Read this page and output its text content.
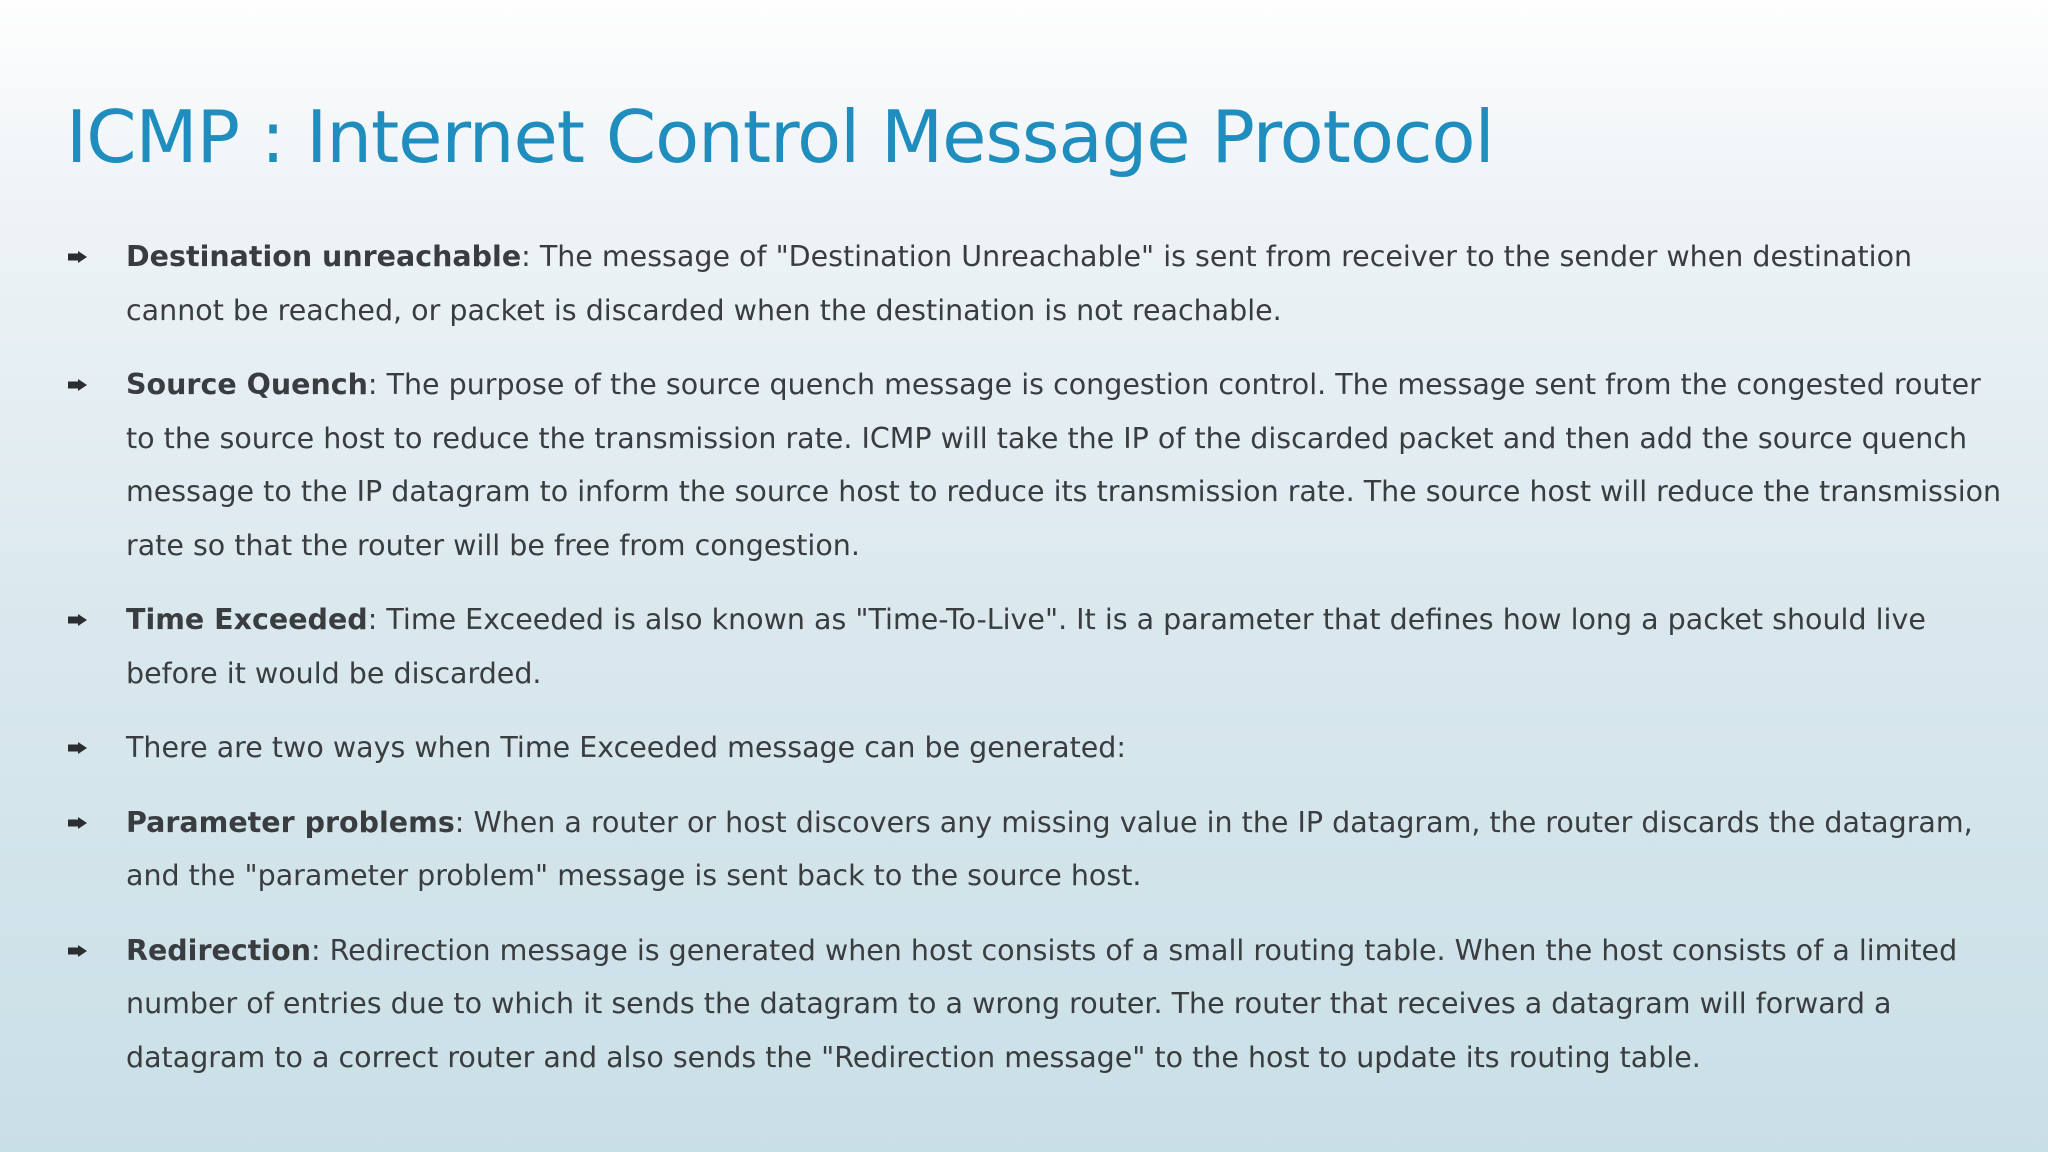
ICMP : Internet Control Message Protocol
Destination unreachable: The message of "Destination Unreachable" is sent from receiver to the sender when destination cannot be reached, or packet is discarded when the destination is not reachable.
Source Quench: The purpose of the source quench message is congestion control. The message sent from the congested router to the source host to reduce the transmission rate. ICMP will take the IP of the discarded packet and then add the source quench message to the IP datagram to inform the source host to reduce its transmission rate. The source host will reduce the transmission rate so that the router will be free from congestion.
Time Exceeded: Time Exceeded is also known as "Time-To-Live". It is a parameter that defines how long a packet should live before it would be discarded.
There are two ways when Time Exceeded message can be generated:
Parameter problems: When a router or host discovers any missing value in the IP datagram, the router discards the datagram, and the "parameter problem" message is sent back to the source host.
Redirection: Redirection message is generated when host consists of a small routing table. When the host consists of a limited number of entries due to which it sends the datagram to a wrong router. The router that receives a datagram will forward a datagram to a correct router and also sends the "Redirection message" to the host to update its routing table.
